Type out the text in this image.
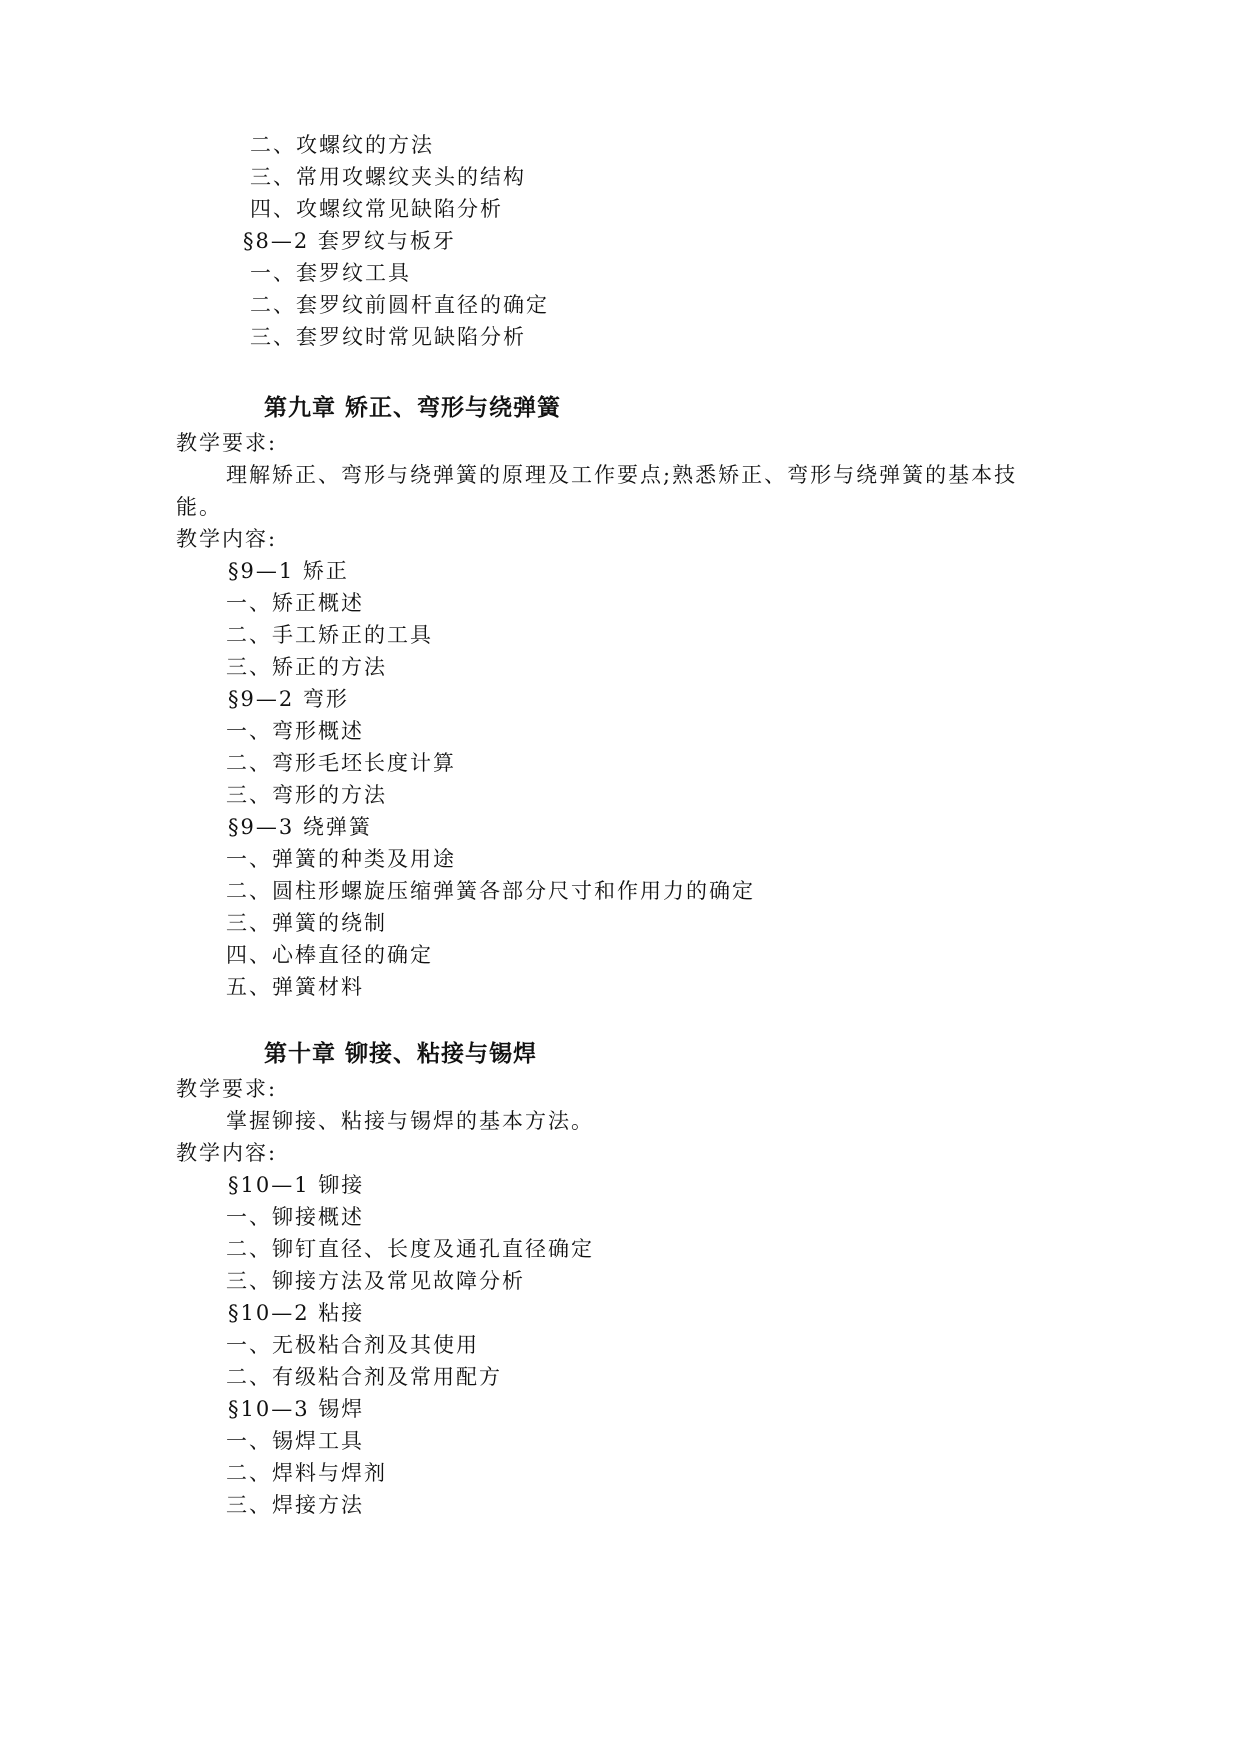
二、攻螺纹的方法
三、常用攻螺纹夹头的结构
四、攻螺纹常见缺陷分析
§8—2 套罗纹与板牙
一、套罗纹工具
二、套罗纹前圆杆直径的确定
三、套罗纹时常见缺陷分析
第九章 矫正、弯形与绕弹簧
教学要求:
理解矫正、弯形与绕弹簧的原理及工作要点;熟悉矫正、弯形与绕弹簧的基本技
能。
教学内容:
§9—1 矫正
一、矫正概述
二、手工矫正的工具
三、矫正的方法
§9—2 弯形
一、弯形概述
二、弯形毛坯长度计算
三、弯形的方法
§9—3 绕弹簧
一、弹簧的种类及用途
二、圆柱形螺旋压缩弹簧各部分尺寸和作用力的确定
三、弹簧的绕制
四、心棒直径的确定
五、弹簧材料
第十章 铆接、粘接与锡焊
教学要求:
掌握铆接、粘接与锡焊的基本方法。
教学内容:
§10—1 铆接
一、铆接概述
二、铆钉直径、长度及通孔直径确定
三、铆接方法及常见故障分析
§10—2 粘接
一、无极粘合剂及其使用
二、有级粘合剂及常用配方
§10—3 锡焊
一、锡焊工具
二、焊料与焊剂
三、焊接方法
